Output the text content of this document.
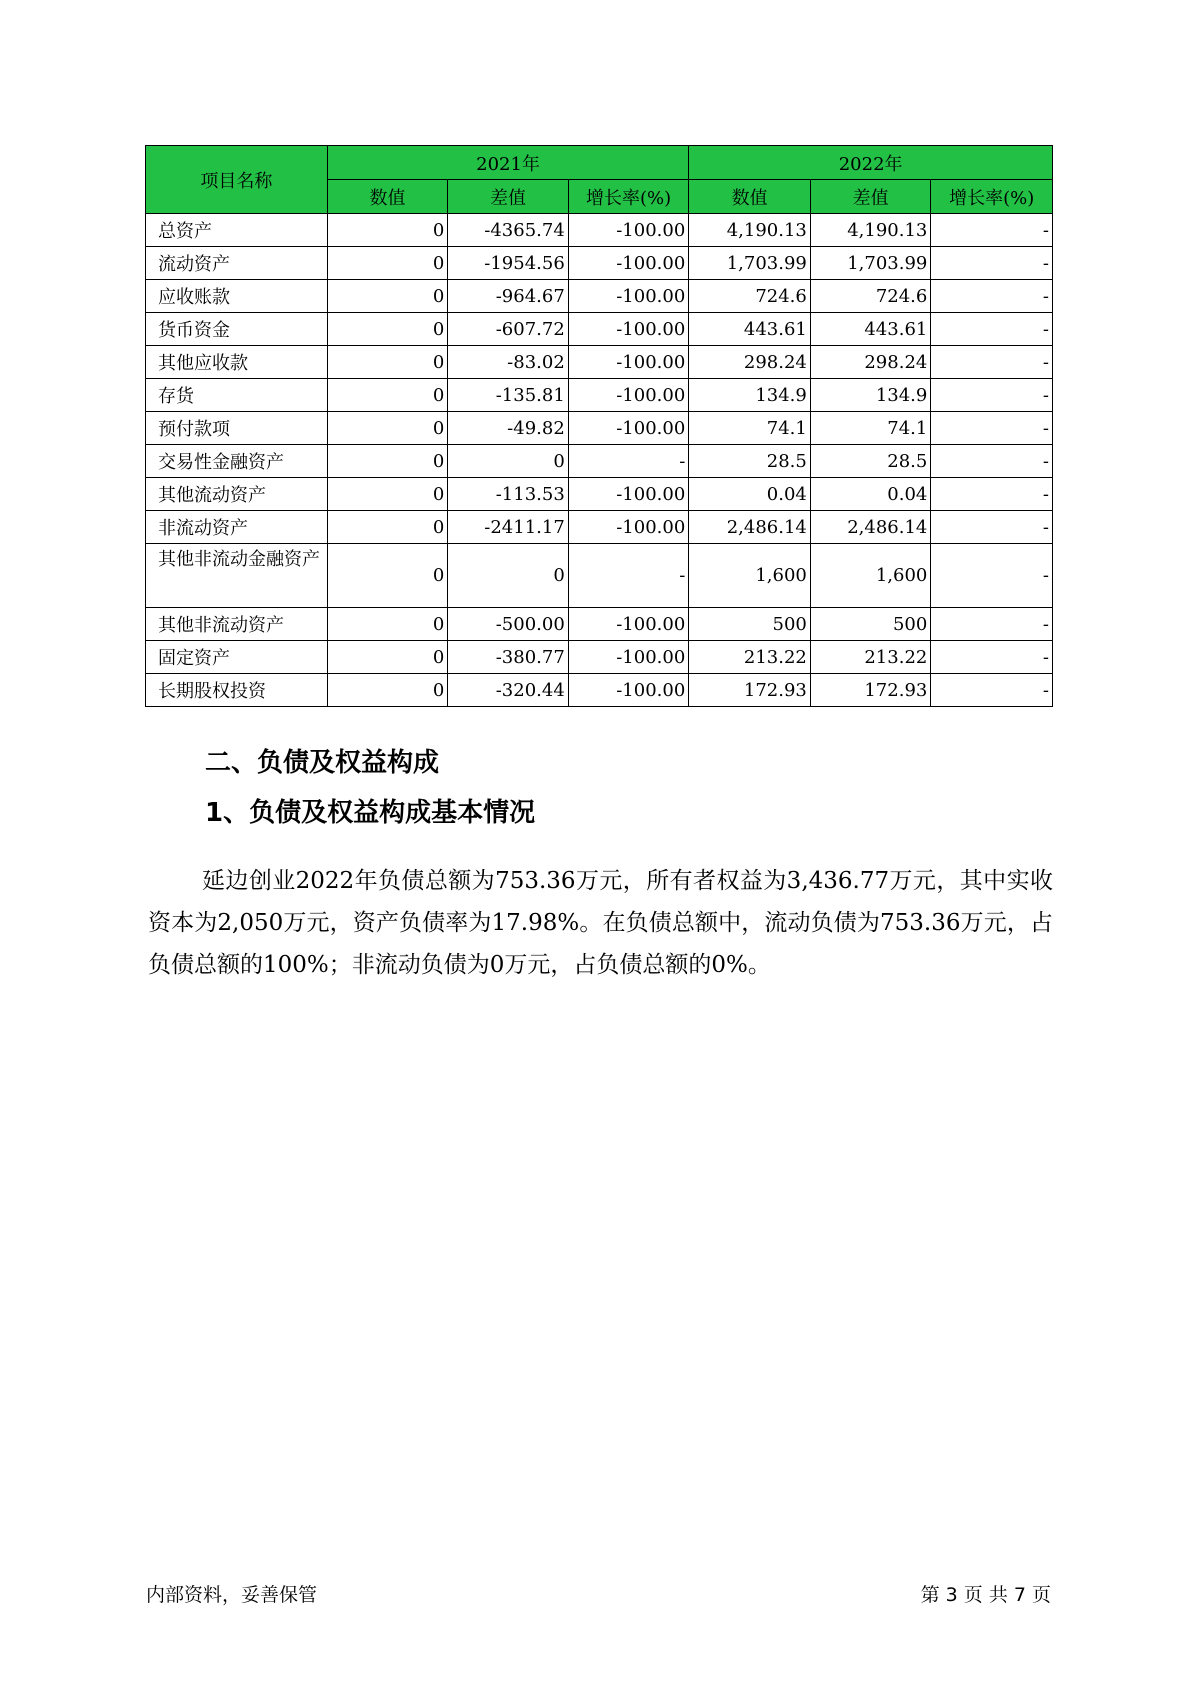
项目名称	2021年			2022年		
	数值	差值	增长率(%)	数值	差值	增长率(%)
总资产	0	-4365.74	-100.00	4,190.13	4,190.13	-
流动资产	0	-1954.56	-100.00	1,703.99	1,703.99	-
应收账款	0	-964.67	-100.00	724.6	724.6	-
货币资金	0	-607.72	-100.00	443.61	443.61	-
其他应收款	0	-83.02	-100.00	298.24	298.24	-
存货	0	-135.81	-100.00	134.9	134.9	-
预付款项	0	-49.82	-100.00	74.1	74.1	-
交易性金融资产	0	0	-	28.5	28.5	-
其他流动资产	0	-113.53	-100.00	0.04	0.04	-
非流动资产	0	-2411.17	-100.00	2,486.14	2,486.14	-
其他非流动金融资产	0	0	-	1,600	1,600	-
其他非流动资产	0	-500.00	-100.00	500	500	-
固定资产	0	-380.77	-100.00	213.22	213.22	-
长期股权投资	0	-320.44	-100.00	172.93	172.93	-
二、负债及权益构成
1、负债及权益构成基本情况

延边创业2022年负债总额为753.36万元，所有者权益为3,436.77万元，其中实收资本为2,050万元，资产负债率为17.98%。在负债总额中，流动负债为753.36万元，占负债总额的100%；非流动负债为0万元，占负债总额的0%。

内部资料，妥善保管	第 3 页 共 7 页
